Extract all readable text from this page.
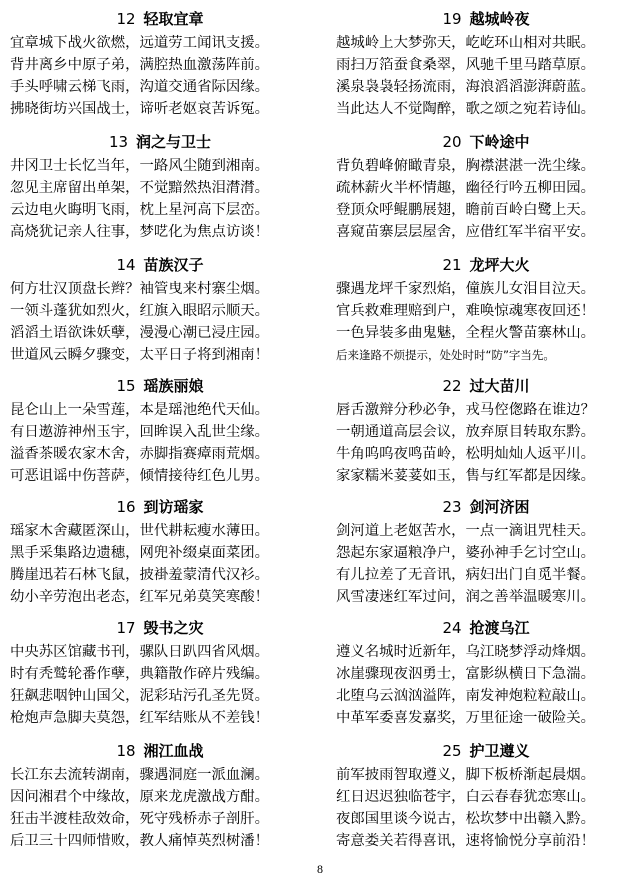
12 轻取宜章
宜章城下战火欲燃，远道劳工闻讯支援。
背井离乡中原子弟，满腔热血激荡阵前。
手头呼啸云梯飞雨，沟道交通省际因缘。
拂晓街坊兴国战士，谛听老妪哀苦诉冤。
13 润之与卫士
井冈卫士长忆当年，一路风尘随到湘南。
忽见主席留出单架，不觉黯然热泪潸潸。
云边电火晦明飞雨，枕上星河高下层峦。
高烧犹记亲人往事，梦呓化为焦点访谈！
14 苗族汉子
何方壮汉顶盘长辫？袖管曳来村寨尘烟。
一领斗蓬犹如烈火，红旗入眼昭示顺天。
滔滔土语欲诛妖孽，漫漫心潮已浸庄园。
世道风云瞬夕骤变，太平日子将到湘南！
15 瑶族丽娘
昆仑山上一朵雪莲，本是瑶池绝代天仙。
有日遨游神州玉宇，回眸误入乱世尘缘。
溢香茶暖农家木舍，赤脚指赛瘴雨荒烟。
可恶诅谣中伤菩萨，倾情接待红色儿男。
16 到访瑶家
瑶家木舍藏匿深山，世代耕耘瘦水薄田。
黑手采集路边遗穗，网兜补缀桌面菜团。
腾崖迅若石林飞鼠，披褂羞蒙清代汉衫。
幼小辛劳泡出老态，红军兄弟莫笑寒酸！
17 毁书之灾
中央苏区馆藏书刊，骡队日趴四省风烟。
时有秃鹫轮番作孽，典籍散作碎片残编。
狂飙悲咽钟山国父，泥彩玷污孔圣先贤。
枪炮声急脚夫莫怨，红军结账从不差钱！
18 湘江血战
长江东去流转湖南，骤遇洞庭一派血澜。
因问湘君个中缘故，原来龙虎激战方酣。
狂击半渡桂敌效命，死守残桥赤子剖肝。
后卫三十四师惜败，教人痛悼英烈树潘！
19 越城岭夜
越城岭上大梦弥天，屹屹环山相对共眠。
雨扫万箔蚕食桑翠，风驰千里马踏草原。
溪泉袅袅轻扬流雨，海浪滔滔澎湃蔚蓝。
当此达人不觉陶醉，歌之颂之宛若诗仙。
20 下岭途中
背负碧峰俯瞰青泉，胸襟湛湛一洗尘缘。
疏林薪火半杯情趣，幽径行吟五柳田园。
登顶众呼鲲鹏展翅，瞻前百岭白鹭上天。
喜窥苗寨层层屋舍，应借红军半宿平安。
21 龙坪大火
骤遇龙坪千家烈焰，僮族儿女泪目泣天。
官兵救难理赔到户，难唤惊魂寒夜回还！
一色异装多曲鬼魅，全程火警苗寨林山。
后来逢路不烦提示，处处时时“防”字当先。
22 过大苗川
唇舌激辩分秒必争，戎马倥偬路在谁边？
一朝通道高层会议，放弃原目转取东黔。
牛角呜呜夜鸣苗岭，松明灿灿人返平川。
家家糯米荽荽如玉，售与红军都是因缘。
23 剑河济困
剑河道上老妪苦水，一点一滴诅咒桂天。
怨起东家逼粮净户，婆孙神手乞讨空山。
有儿拉差了无音讯，病妇出门自觅半餐。
风雪凄迷红军过问，润之善举温暖寒川。
24 抢渡乌江
遵义名城时近新年，乌江晓梦浮动烽烟。
冰崖骤现夜泅勇士，富影纵横日下急湍。
北堕乌云汹汹溢阵，南发神炮粒粒敲山。
中革军委喜发嘉奖，万里征途一破险关。
25 护卫遵义
前军披雨智取遵义，脚下板桥渐起晨烟。
红日迟迟独临苍宇，白云春春犹恋寒山。
夜郎国里谈今说古，松坎梦中出赣入黔。
寄意娄关若得喜讯，速将愉悦分享前沿！
8
